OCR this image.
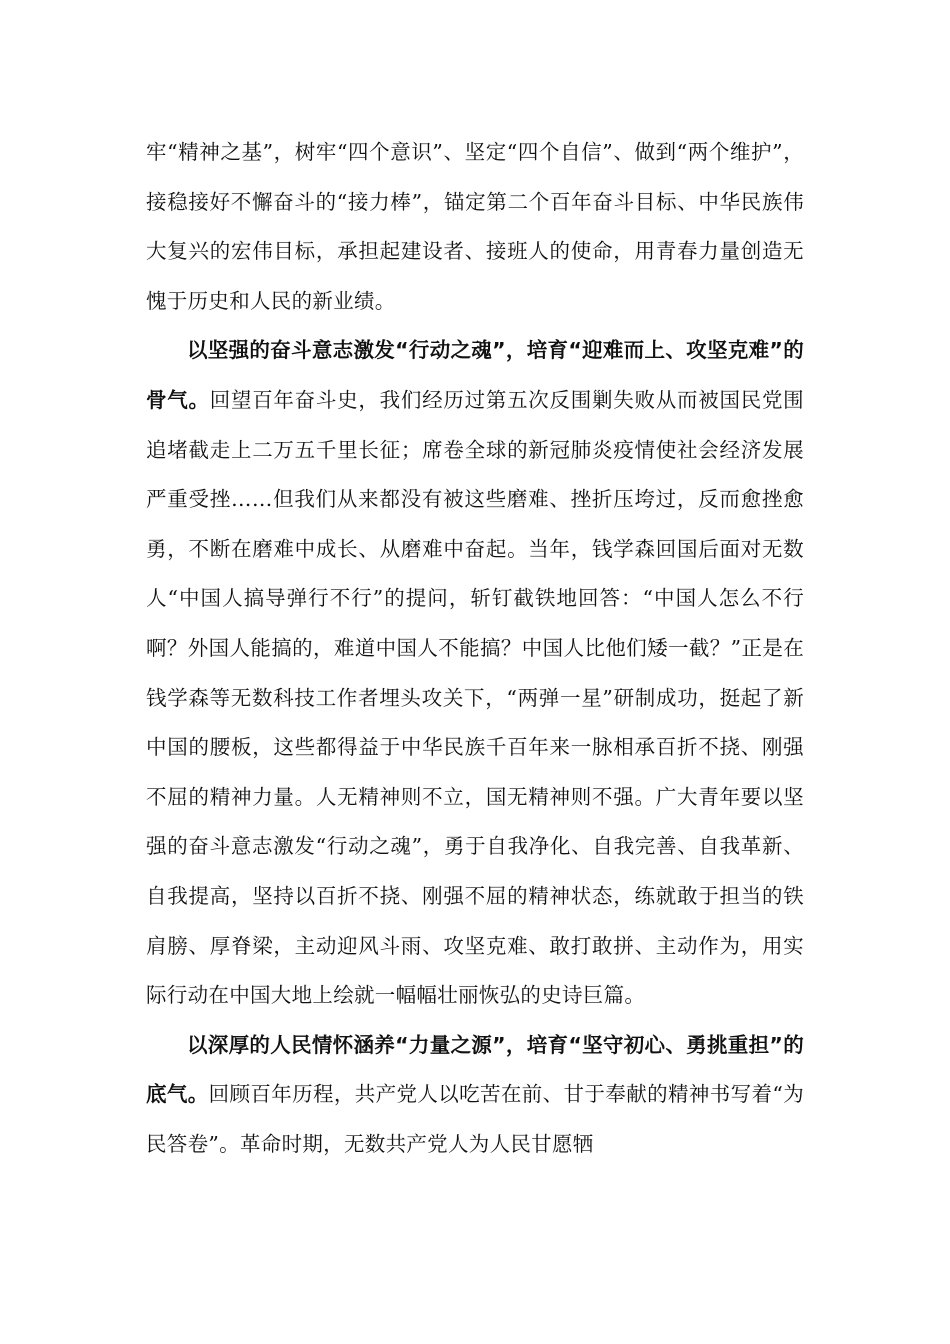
牢“精神之基”，树牢“四个意识”、坚定“四个自信”、做到“两个维护”，接稳接好不懈奋斗的“接力棒”，锚定第二个百年奋斗目标、中华民族伟大复兴的宏伟目标，承担起建设者、接班人的使命，用青春力量创造无愧于历史和人民的新业绩。

以坚强的奋斗意志激发“行动之魂”，培育“迎难而上、攻坚克难”的骨气。回望百年奋斗史，我们经历过第五次反围剿失败从而被国民党围追堵截走上二万五千里长征；席卷全球的新冠肺炎疫情使社会经济发展严重受挫……但我们从来都没有被这些磨难、挫折压垮过，反而愈挫愈勇，不断在磨难中成长、从磨难中奋起。当年，钱学森回国后面对无数人“中国人搞导弹行不行”的提问，斩钉截铁地回答：“中国人怎么不行啊？外国人能搞的，难道中国人不能搞？中国人比他们矮一截？”正是在钱学森等无数科技工作者埋头攻关下，“两弹一星”研制成功，挺起了新中国的腰板，这些都得益于中华民族千百年来一脉相承百折不挠、刚强不屈的精神力量。人无精神则不立，国无精神则不强。广大青年要以坚强的奋斗意志激发“行动之魂”，勇于自我净化、自我完善、自我革新、自我提高，坚持以百折不挠、刚强不屈的精神状态，练就敢于担当的铁肩膀、厚脊梁，主动迎风斗雨、攻坚克难、敢打敢拼、主动作为，用实际行动在中国大地上绘就一幅幅壮丽恢弘的史诗巨篇。

以深厚的人民情怀涵养“力量之源”，培育“坚守初心、勇挑重担”的底气。回顾百年历程，共产党人以吃苦在前、甘于奉献的精神书写着“为民答卷”。革命时期，无数共产党人为人民甘愿牺
